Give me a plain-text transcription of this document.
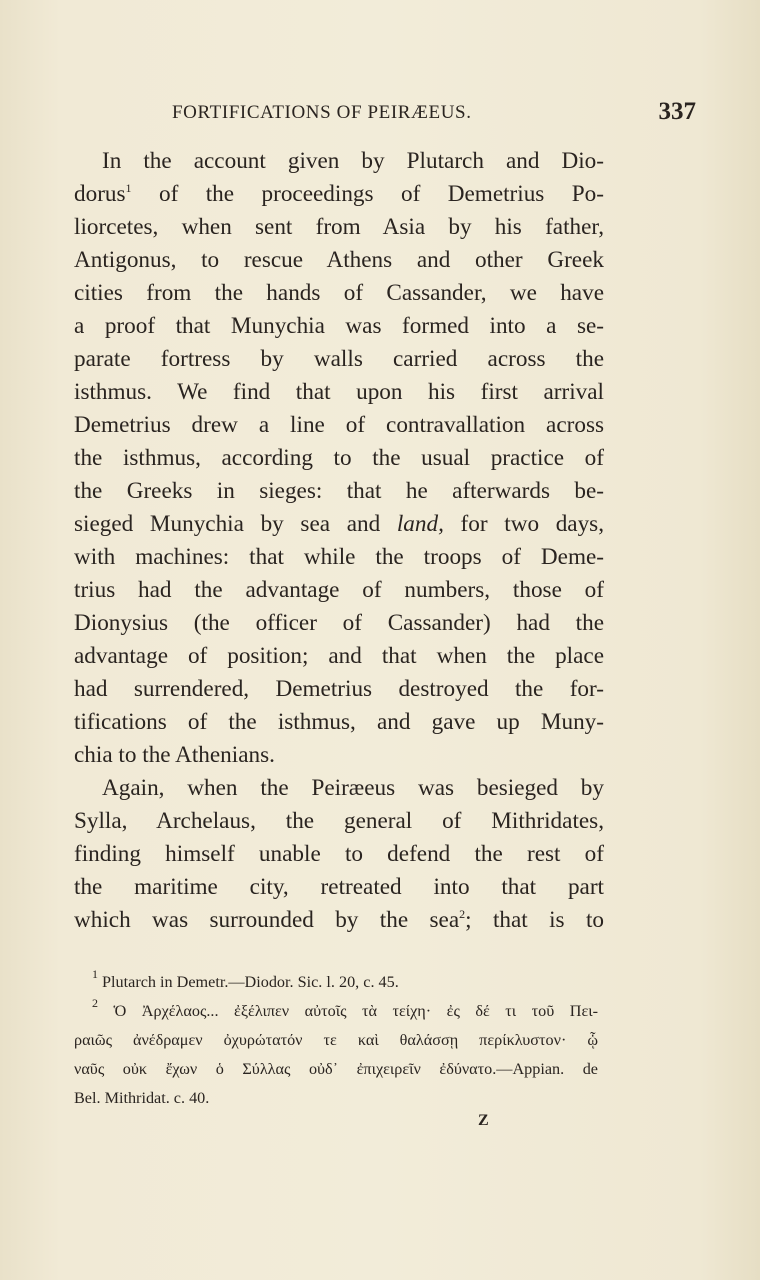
FORTIFICATIONS OF PEIRÆEUS.	337
In the account given by Plutarch and Dio-
dorus$^1$ of the proceedings of Demetrius Po-
liorcetes, when sent from Asia by his father,
Antigonus, to rescue Athens and other Greek
cities from the hands of Cassander, we have
a proof that Munychia was formed into a se-
parate fortress by walls carried across the
isthmus. We find that upon his first arrival
Demetrius drew a line of contravallation across
the isthmus, according to the usual practice of
the Greeks in sieges: that he afterwards be-
sieged Munychia by sea and land, for two days,
with machines: that while the troops of Deme-
trius had the advantage of numbers, those of
Dionysius (the officer of Cassander) had the
advantage of position; and that when the place
had surrendered, Demetrius destroyed the for-
tifications of the isthmus, and gave up Muny-
chia to the Athenians.
Again, when the Peiræeus was besieged by
Sylla, Archelaus, the general of Mithridates,
finding himself unable to defend the rest of
the maritime city, retreated into that part
which was surrounded by the sea$^2$; that is to
$^1$ Plutarch in Demetr.—Diodor. Sic. l. 20, c. 45.
$^2$ Ὁ Ἀρχέλαος... ἐξέλιπεν αὐτοῖς τὰ τείχη· ἐς δέ τι τοῦ Πει-
ραιῶς ἀνέδραμεν ὀχυρώτατόν τε καὶ θαλάσσῃ περίκλυστον· ᾧ
ναῦς οὐκ ἔχων ὁ Σύλλας οὐδ᾽ ἐπιχειρεῖν ἐδύνατο.—Appian. de
Bel. Mithridat. c. 40.
Z
